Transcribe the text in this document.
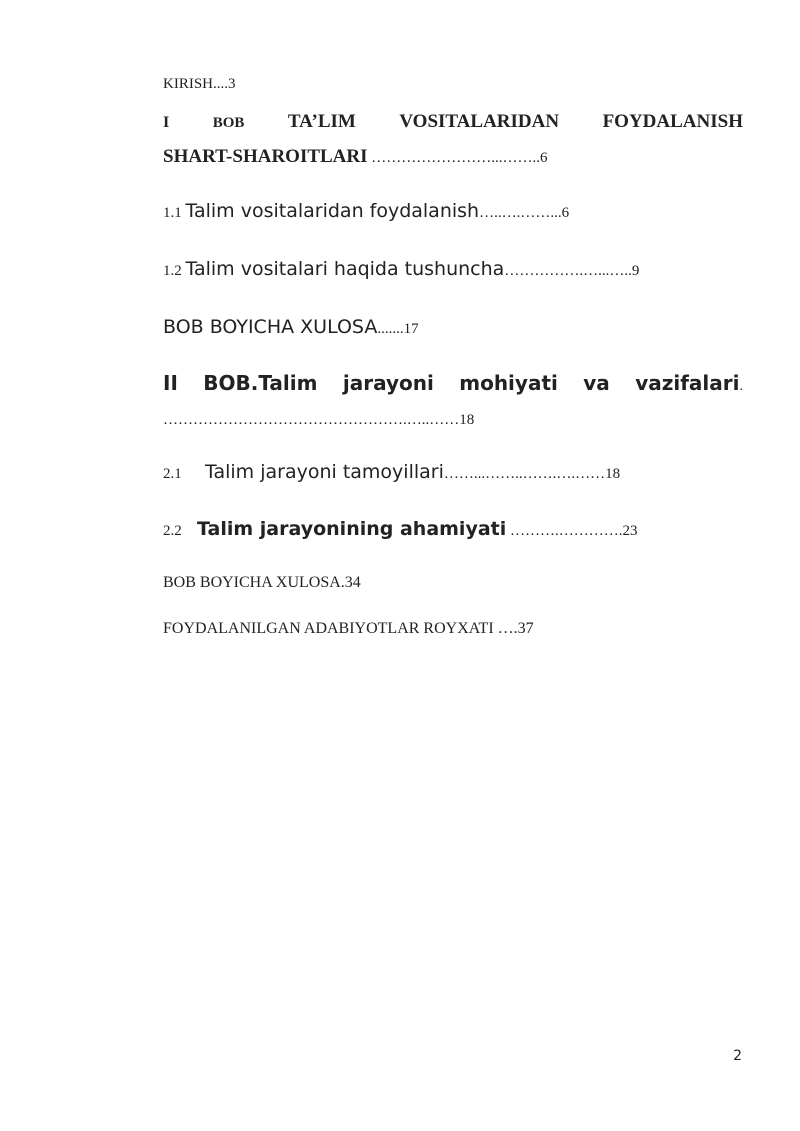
KIRISH....3
I	BOB TA’LIM VOSITALARIDAN FOYDALANISH
SHART-SHAROITLARI ……………………...……..6
1.1 Talim vositalaridan foydalanish…..….……...6
1.2 Talim vositalari haqida tushuncha…………….…...…..9
BOB BOYICHA XULOSA.......17
II BOB.Talim jarayoni mohiyati va vazifalari.
………………………………………….…..……18
2.1 Talim jarayoni tamoyillari……...……..…….….……18
2.2 Talim jarayonining ahamiyati ……….………….23
BOB BOYICHA XULOSA.34
FOYDALANILGAN ADABIYOTLAR ROYXATI ….37
2
